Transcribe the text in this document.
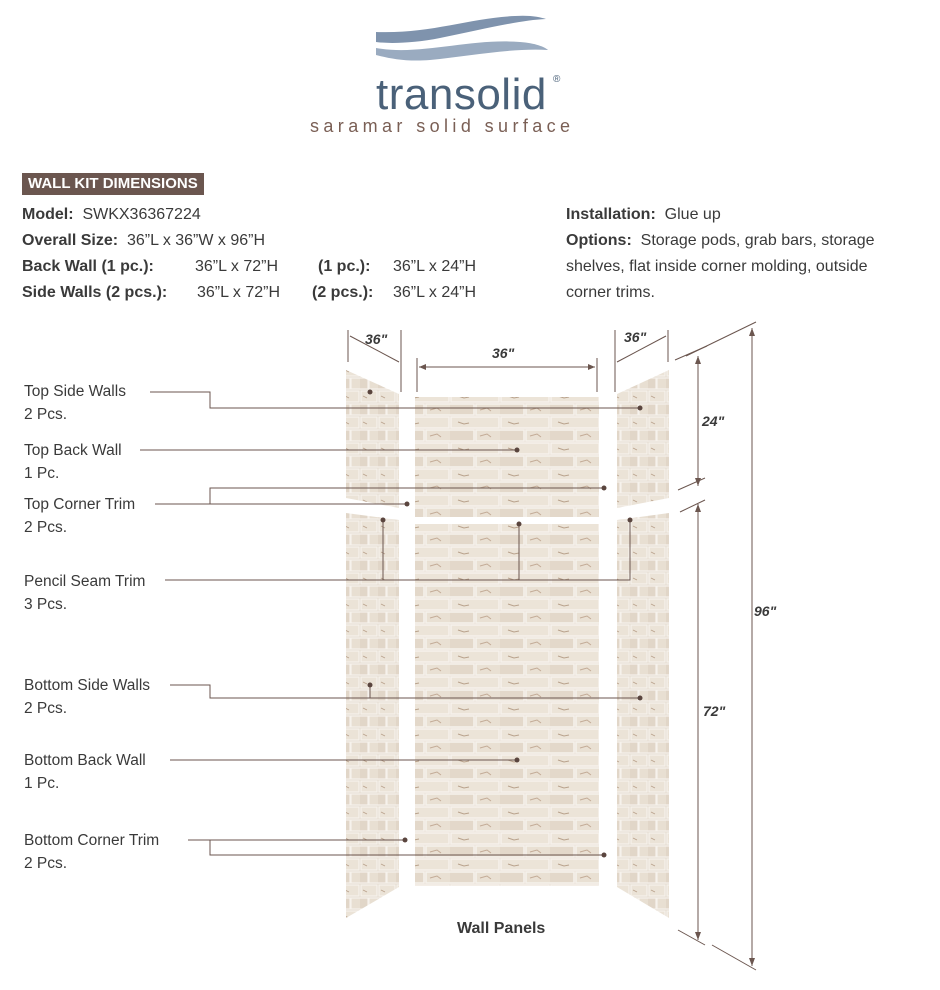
transolid ®
saramar solid surface
WALL KIT DIMENSIONS
Model: SWKX36367224
Overall Size: 36”L x 36”W x 96”H
Back Wall (1 pc.):	36”L x 72”H	(1 pc.): 36”L x 24”H
Side Walls (2 pcs.): 36”L x 72”H (2 pcs.): 36”L x 24”H
Installation: Glue up
Options: Storage pods, grab bars, storage
shelves, flat inside corner molding, outside
corner trims.
36"
36"
36"
24"
72"
96"
Top Side Walls
2 Pcs.
Top Back Wall
1 Pc.
Top Corner Trim
2 Pcs.
Pencil Seam Trim
3 Pcs.
Bottom Side Walls
2 Pcs.
Bottom Back Wall
1 Pc.
Bottom Corner Trim
2 Pcs.
Wall Panels
